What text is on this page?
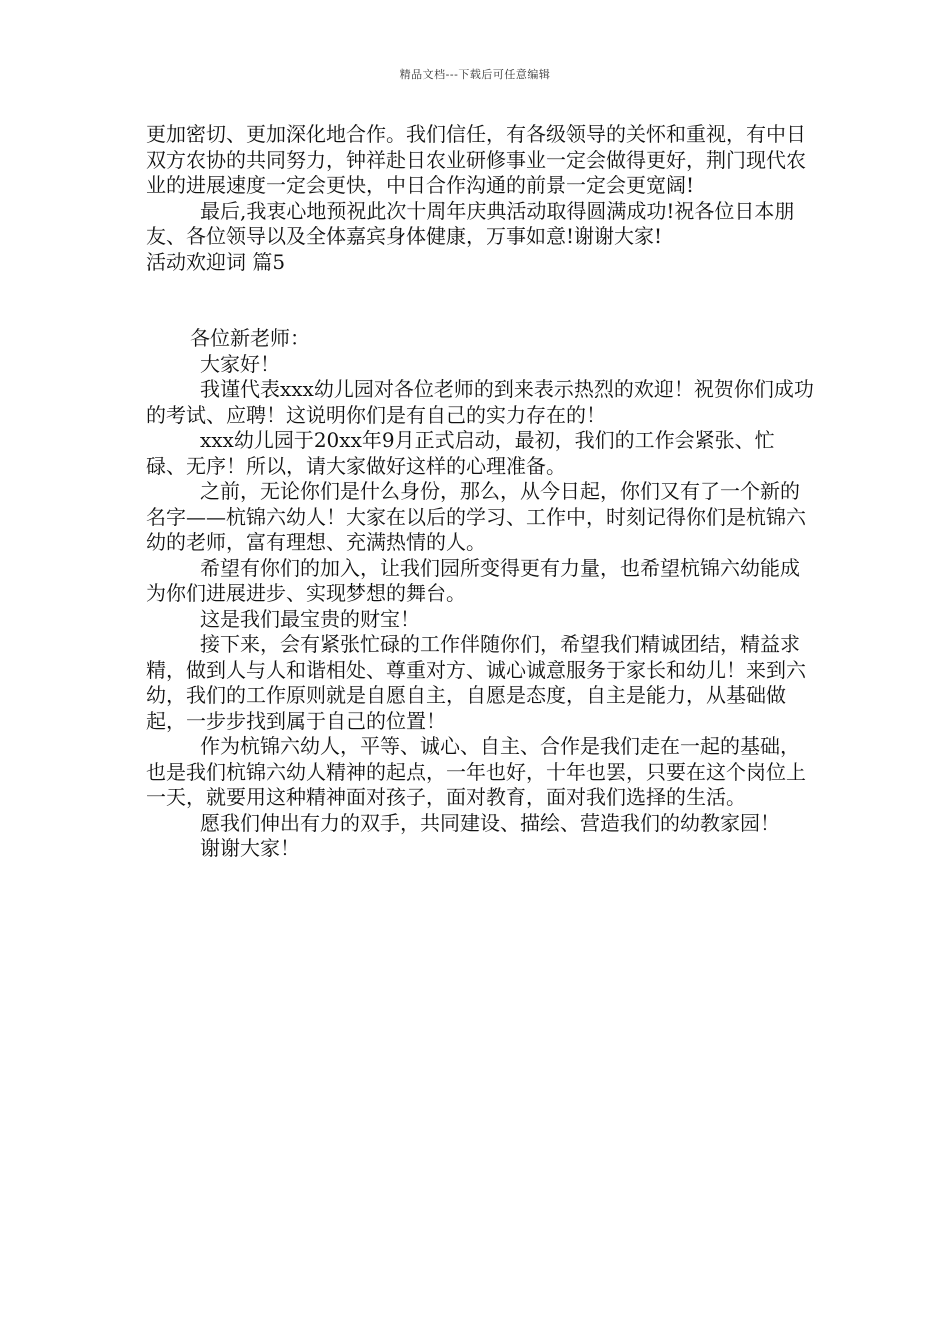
精品文档---下载后可任意编辑

更加密切、更加深化地合作。我们信任，有各级领导的关怀和重视，有中日双方农协的共同努力，钟祥赴日农业研修事业一定会做得更好，荆门现代农业的进展速度一定会更快，中日合作沟通的前景一定会更宽阔!

最后,我衷心地预祝此次十周年庆典活动取得圆满成功!祝各位日本朋友、各位领导以及全体嘉宾身体健康，万事如意!谢谢大家!

活动欢迎词 篇5

各位新老师：

大家好！

我谨代表xxx幼儿园对各位老师的到来表示热烈的欢迎！祝贺你们成功的考试、应聘！这说明你们是有自己的实力存在的！

xxx幼儿园于20xx年9月正式启动，最初，我们的工作会紧张、忙碌、无序！所以，请大家做好这样的心理准备。

之前，无论你们是什么身份，那么，从今日起，你们又有了一个新的名字——杭锦六幼人！大家在以后的学习、工作中，时刻记得你们是杭锦六幼的老师，富有理想、充满热情的人。

希望有你们的加入，让我们园所变得更有力量，也希望杭锦六幼能成为你们进展进步、实现梦想的舞台。

这是我们最宝贵的财宝！

接下来，会有紧张忙碌的工作伴随你们，希望我们精诚团结，精益求精，做到人与人和谐相处、尊重对方、诚心诚意服务于家长和幼儿！来到六幼，我们的工作原则就是自愿自主，自愿是态度，自主是能力，从基础做起，一步步找到属于自己的位置！

作为杭锦六幼人，平等、诚心、自主、合作是我们走在一起的基础，也是我们杭锦六幼人精神的起点，一年也好，十年也罢，只要在这个岗位上一天，就要用这种精神面对孩子，面对教育，面对我们选择的生活。

愿我们伸出有力的双手，共同建设、描绘、营造我们的幼教家园！

谢谢大家！
